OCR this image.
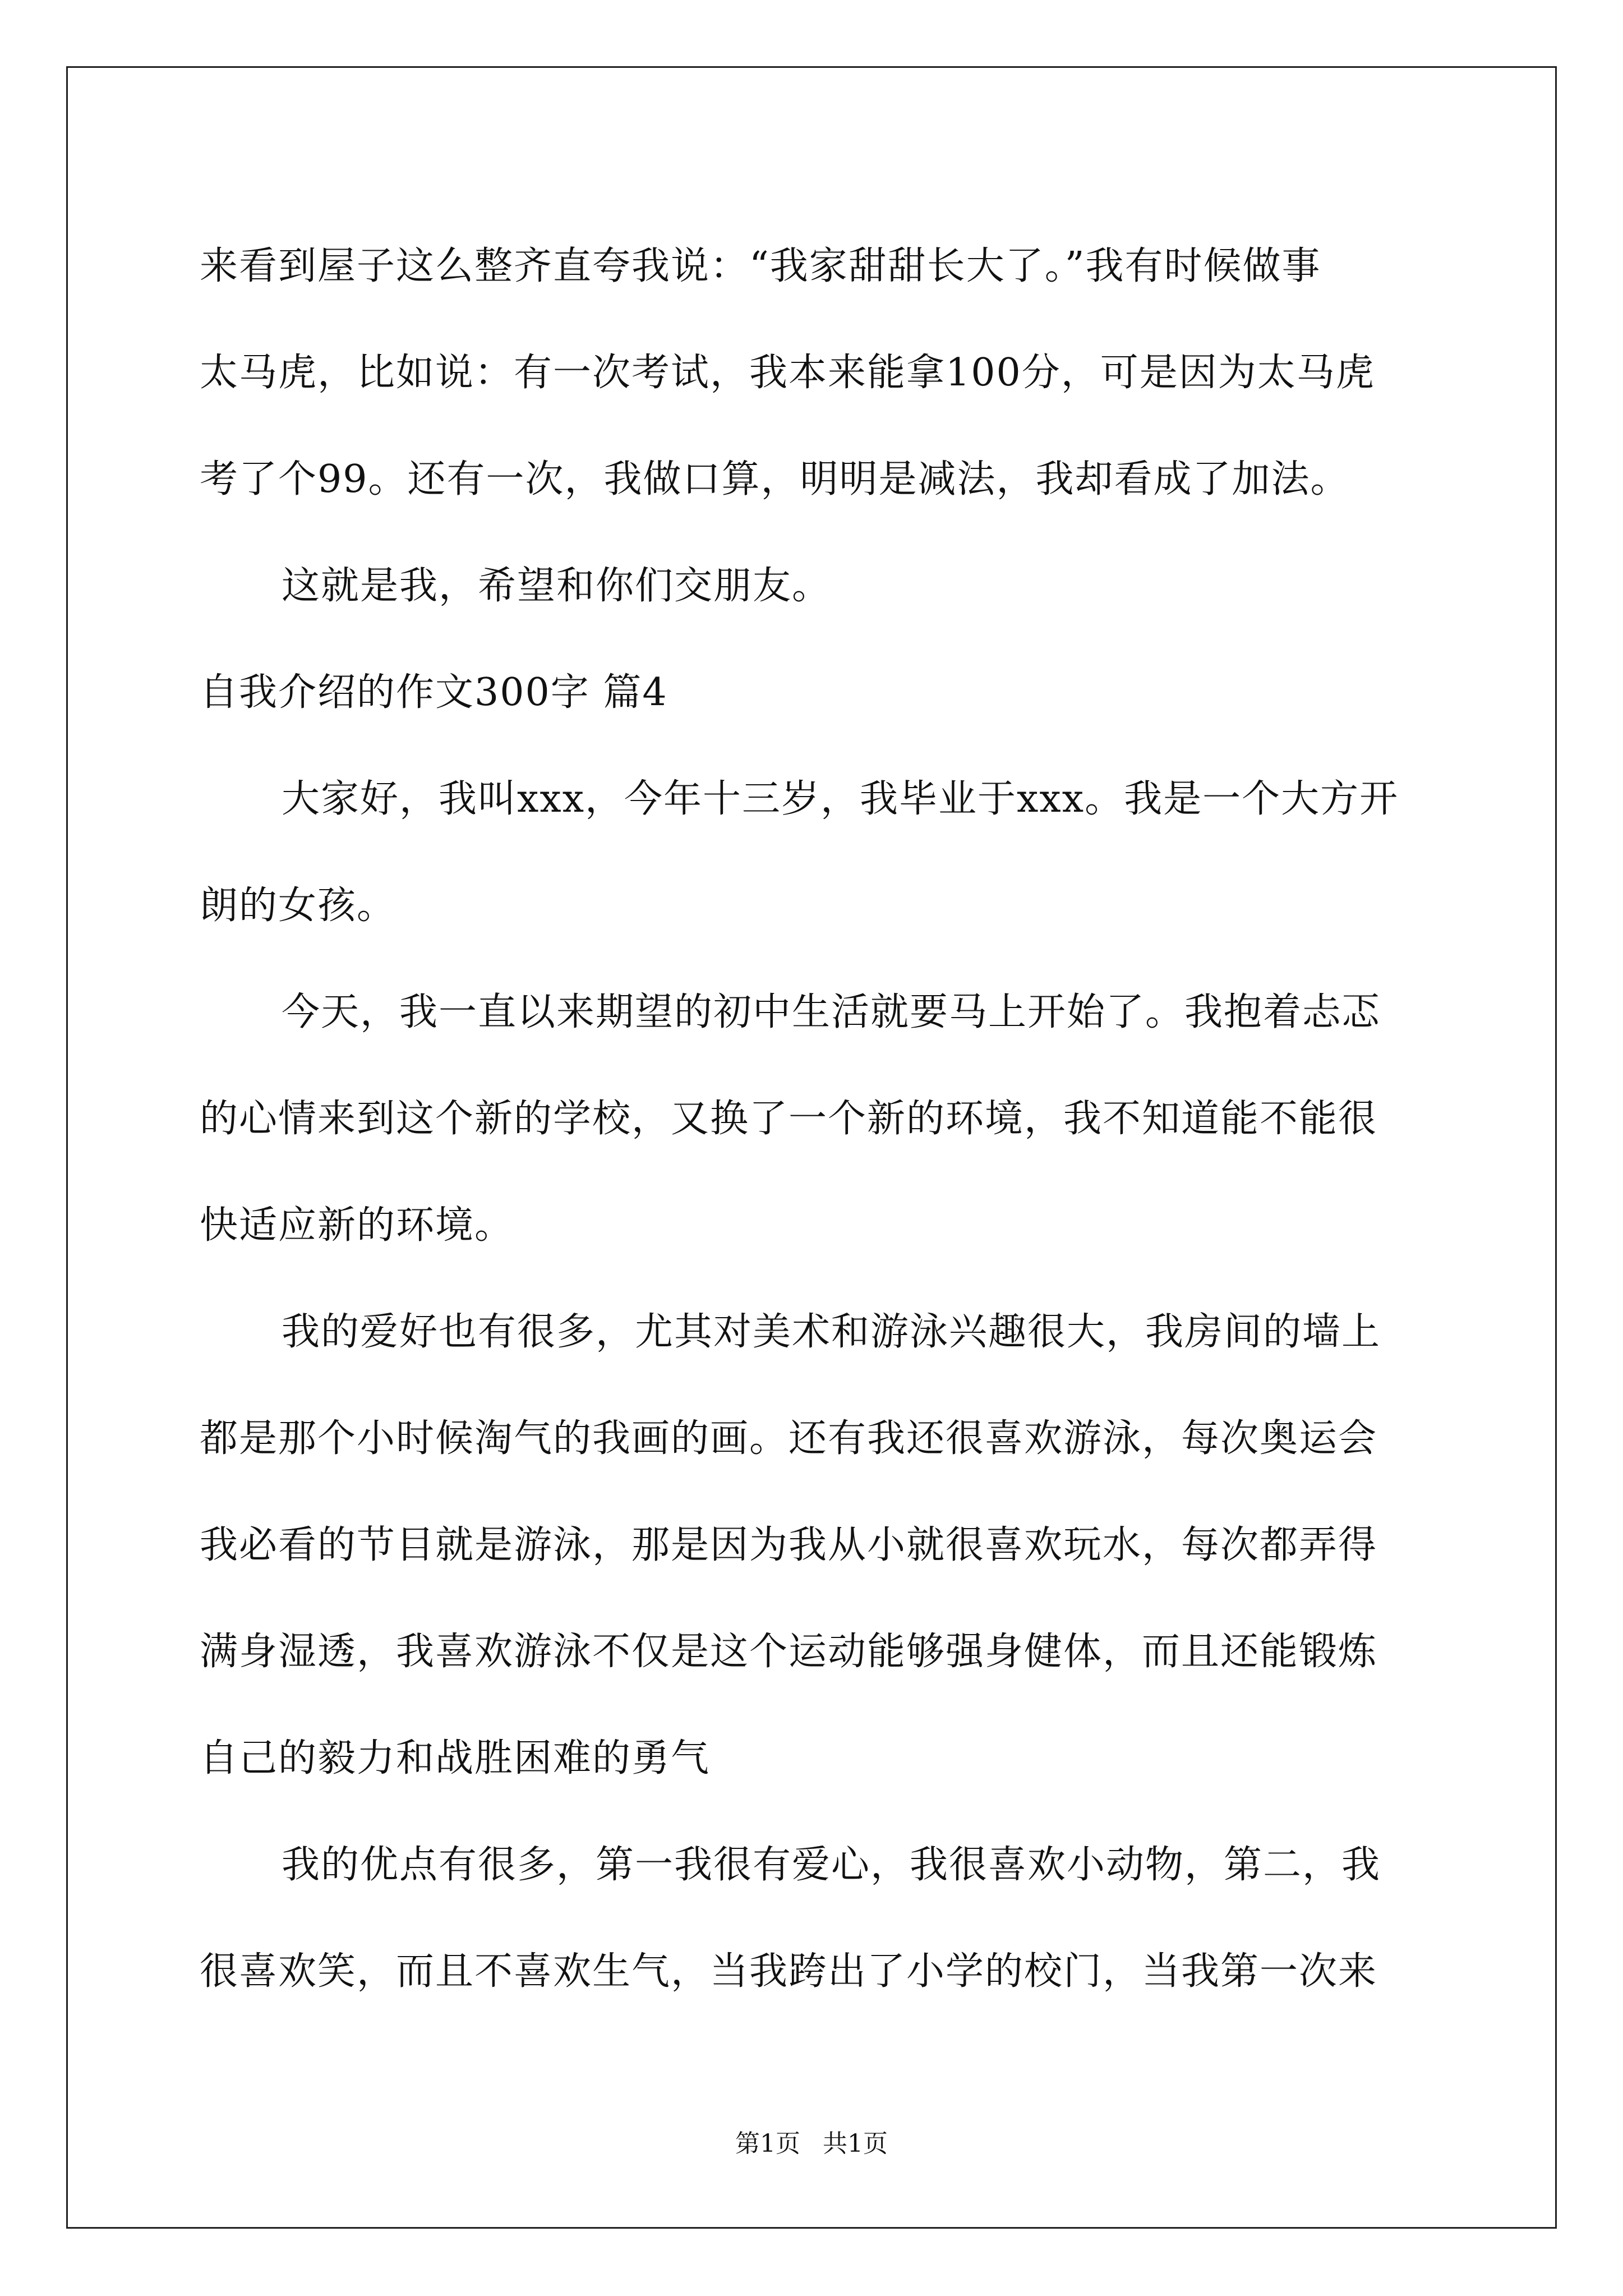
来看到屋子这么整齐直夸我说：“我家甜甜长大了。”我有时候做事
太马虎，比如说：有一次考试，我本来能拿100分，可是因为太马虎
考了个99。还有一次，我做口算，明明是减法，我却看成了加法。
这就是我，希望和你们交朋友。
自我介绍的作文300字 篇4
大家好，我叫xxx，今年十三岁，我毕业于xxx。我是一个大方开
朗的女孩。
今天，我一直以来期望的初中生活就要马上开始了。我抱着忐忑
的心情来到这个新的学校，又换了一个新的环境，我不知道能不能很
快适应新的环境。
我的爱好也有很多，尤其对美术和游泳兴趣很大，我房间的墙上
都是那个小时候淘气的我画的画。还有我还很喜欢游泳，每次奥运会
我必看的节目就是游泳，那是因为我从小就很喜欢玩水，每次都弄得
满身湿透，我喜欢游泳不仅是这个运动能够强身健体，而且还能锻炼
自己的毅力和战胜困难的勇气
我的优点有很多，第一我很有爱心，我很喜欢小动物，第二，我
很喜欢笑，而且不喜欢生气，当我跨出了小学的校门，当我第一次来
第1页 共1页
